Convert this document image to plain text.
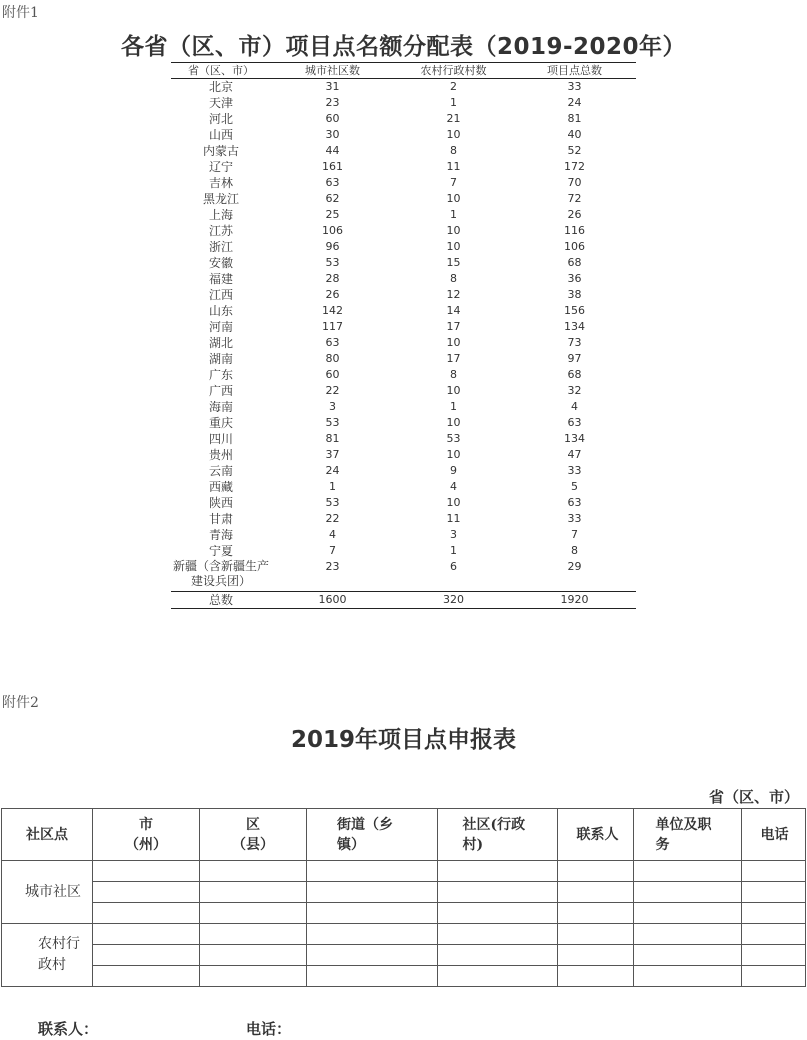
附件1
各省（区、市）项目点名额分配表（2019-2020年）
省（区、市）	城市社区数	农村行政村数	项目点总数
北京	31	2	33
天津	23	1	24
河北	60	21	81
山西	30	10	40
内蒙古	44	8	52
辽宁	161	11	172
吉林	63	7	70
黑龙江	62	10	72
上海	25	1	26
江苏	106	10	116
浙江	96	10	106
安徽	53	15	68
福建	28	8	36
江西	26	12	38
山东	142	14	156
河南	117	17	134
湖北	63	10	73
湖南	80	17	97
广东	60	8	68
广西	22	10	32
海南	3	1	4
重庆	53	10	63
四川	81	53	134
贵州	37	10	47
云南	24	9	33
西藏	1	4	5
陕西	53	10	63
甘肃	22	11	33
青海	4	3	7
宁夏	7	1	8
新疆（含新疆生产建设兵团）	23	6	29
总数	1600	320	1920
附件2
2019年项目点申报表
省（区、市）
社区点	市（州）	区（县）	街道（乡镇）	社区(行政村)	联系人	单位及职务	电话
城市社区							

农村行政村							

联系人：	电话：
